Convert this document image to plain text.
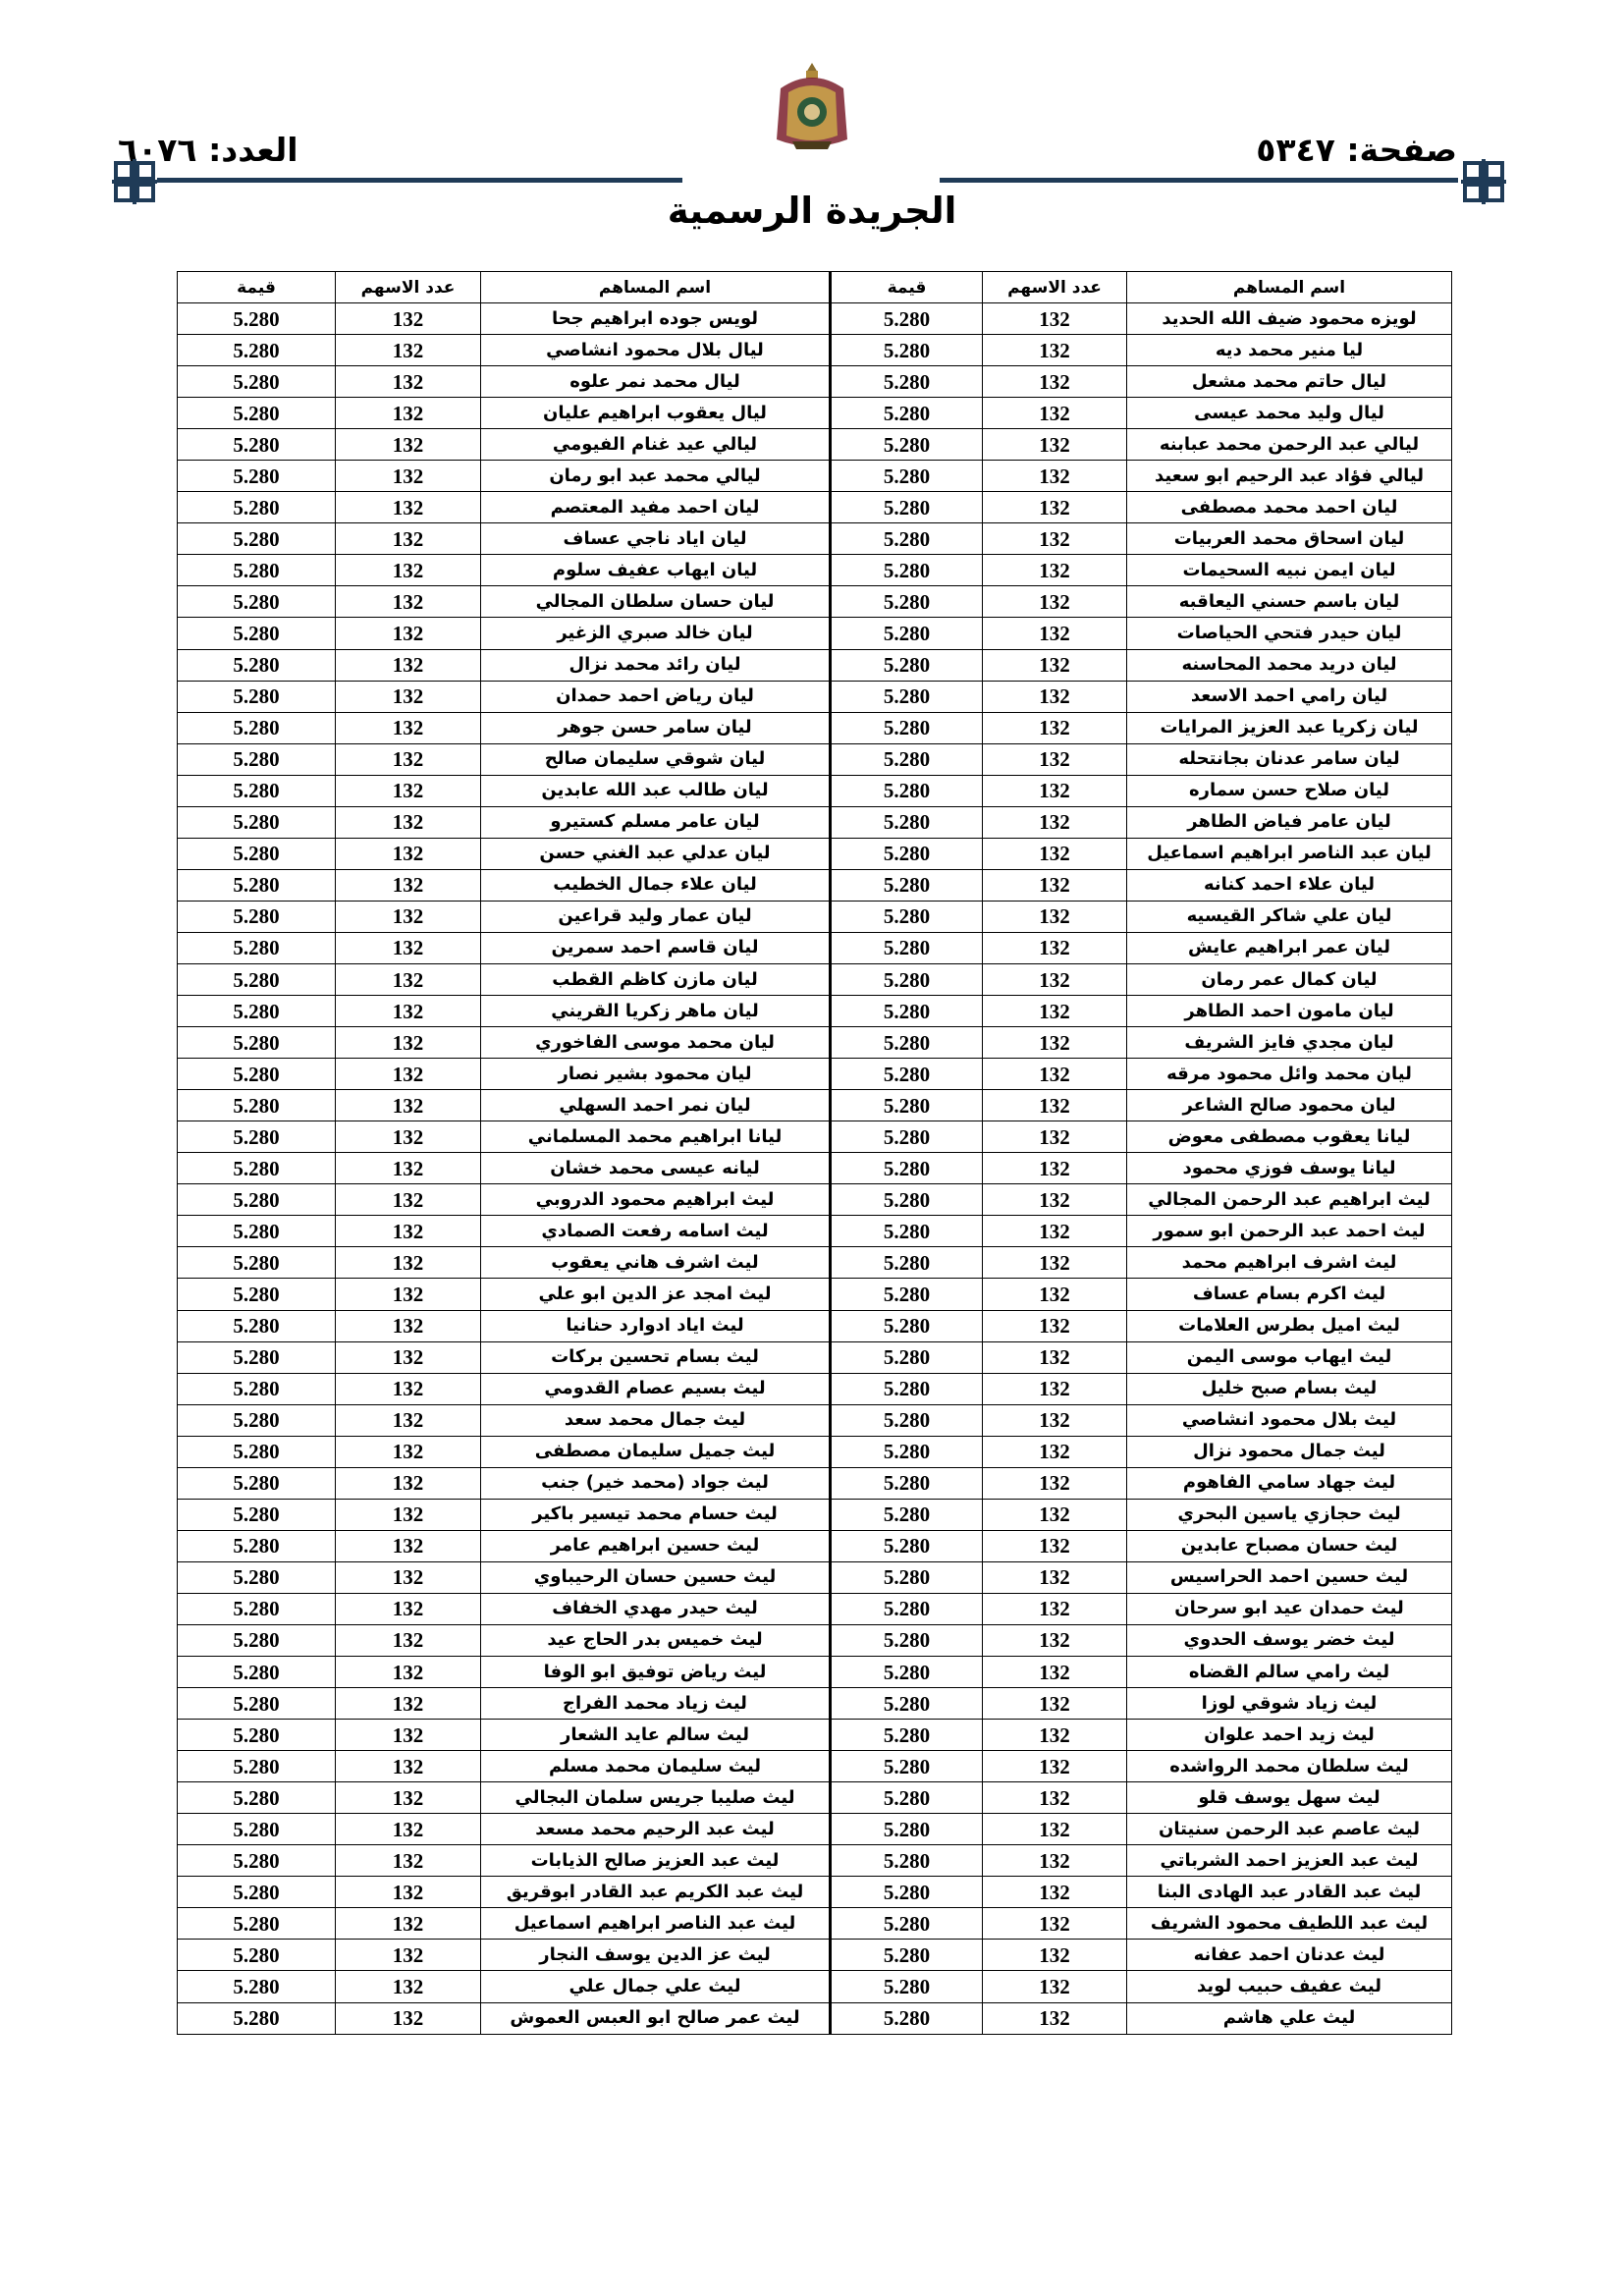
صفحة: ٥٣٤٧
العدد: ٦٠٧٦
الجريدة الرسمية
اسم المساهم	عدد الاسهم	قيمة	اسم المساهم	عدد الاسهم	قيمة
لويزه محمود ضيف الله الحديد	132	5.280	لويس جوده ابراهيم جحا	132	5.280
ليا منير محمد ديه	132	5.280	ليال بلال محمود انشاصي	132	5.280
ليال حاتم محمد مشعل	132	5.280	ليال محمد نمر علوه	132	5.280
ليال وليد محمد عيسى	132	5.280	ليال يعقوب ابراهيم عليان	132	5.280
ليالي عبد الرحمن محمد عبابنه	132	5.280	ليالي عيد غنام الفيومي	132	5.280
ليالي فؤاد عبد الرحيم ابو سعيد	132	5.280	ليالي محمد عبد ابو رمان	132	5.280
ليان احمد محمد مصطفى	132	5.280	ليان احمد مفيد المعتصم	132	5.280
ليان اسحاق محمد العربيات	132	5.280	ليان اياد ناجي عساف	132	5.280
ليان ايمن نبيه السحيمات	132	5.280	ليان ايهاب عفيف سلوم	132	5.280
ليان باسم حسني اليعاقبه	132	5.280	ليان حسان سلطان المجالي	132	5.280
ليان حيدر فتحي الحياصات	132	5.280	ليان خالد صبري الزغير	132	5.280
ليان دريد محمد المحاسنه	132	5.280	ليان رائد محمد نزال	132	5.280
ليان رامي احمد الاسعد	132	5.280	ليان رياض احمد حمدان	132	5.280
ليان زكريا عبد العزيز المرايات	132	5.280	ليان سامر حسن جوهر	132	5.280
ليان سامر عدنان بجانتحله	132	5.280	ليان شوقي سليمان صالح	132	5.280
ليان صلاح حسن سماره	132	5.280	ليان طالب عبد الله عابدين	132	5.280
ليان عامر فياض الطاهر	132	5.280	ليان عامر مسلم كستيرو	132	5.280
ليان عبد الناصر ابراهيم اسماعيل	132	5.280	ليان عدلي عبد الغني حسن	132	5.280
ليان علاء احمد كنانه	132	5.280	ليان علاء جمال الخطيب	132	5.280
ليان علي شاكر القيسيه	132	5.280	ليان عمار وليد قراعين	132	5.280
ليان عمر ابراهيم عايش	132	5.280	ليان قاسم احمد سمرين	132	5.280
ليان كمال عمر رمان	132	5.280	ليان مازن كاظم القطب	132	5.280
ليان مامون احمد الطاهر	132	5.280	ليان ماهر زكريا القريني	132	5.280
ليان مجدي فايز الشريف	132	5.280	ليان محمد موسى الفاخوري	132	5.280
ليان محمد وائل محمود مرقه	132	5.280	ليان محمود بشير نصار	132	5.280
ليان محمود صالح الشاعر	132	5.280	ليان نمر احمد السهلي	132	5.280
ليانا يعقوب مصطفى معوض	132	5.280	ليانا ابراهيم محمد المسلماني	132	5.280
ليانا يوسف فوزي محمود	132	5.280	ليانه عيسى محمد خشان	132	5.280
ليث ابراهيم عبد الرحمن المجالي	132	5.280	ليث ابراهيم محمود الدروبي	132	5.280
ليث احمد عبد الرحمن ابو سمور	132	5.280	ليث اسامه رفعت الصمادي	132	5.280
ليث اشرف ابراهيم محمد	132	5.280	ليث اشرف هاني يعقوب	132	5.280
ليث اكرم بسام عساف	132	5.280	ليث امجد عز الدين ابو علي	132	5.280
ليث اميل بطرس العلامات	132	5.280	ليث اياد ادوارد حنانيا	132	5.280
ليث ايهاب موسى اليمن	132	5.280	ليث بسام تحسين بركات	132	5.280
ليث بسام صبح خليل	132	5.280	ليث بسيم عصام القدومي	132	5.280
ليث بلال محمود انشاصي	132	5.280	ليث جمال محمد سعد	132	5.280
ليث جمال محمود نزال	132	5.280	ليث جميل سليمان مصطفى	132	5.280
ليث جهاد سامي الفاهوم	132	5.280	ليث جواد (محمد خير) جنب	132	5.280
ليث حجازي ياسين البحري	132	5.280	ليث حسام محمد تيسير باكير	132	5.280
ليث حسان مصباح عابدين	132	5.280	ليث حسين ابراهيم عامر	132	5.280
ليث حسين احمد الحراسيس	132	5.280	ليث حسين حسان الرحيباوي	132	5.280
ليث حمدان عيد ابو سرحان	132	5.280	ليث حيدر مهدي الخفاف	132	5.280
ليث خضر يوسف الحدوي	132	5.280	ليث خميس بدر الحاج عيد	132	5.280
ليث رامي سالم القضاه	132	5.280	ليث رياض توفيق ابو الوفا	132	5.280
ليث زياد شوقي لوزا	132	5.280	ليث زياد محمد الفراج	132	5.280
ليث زيد احمد علوان	132	5.280	ليث سالم عايد الشعار	132	5.280
ليث سلطان محمد الرواشده	132	5.280	ليث سليمان محمد مسلم	132	5.280
ليث سهل يوسف قلو	132	5.280	ليث صليبا جريس سلمان البجالي	132	5.280
ليث عاصم عبد الرحمن سنيتان	132	5.280	ليث عبد الرحيم محمد مسعد	132	5.280
ليث عبد العزيز احمد الشرباتي	132	5.280	ليث عبد العزيز صالح الذيابات	132	5.280
ليث عبد القادر عبد الهادى البنا	132	5.280	ليث عبد الكريم عبد القادر ابوقريق	132	5.280
ليث عبد اللطيف محمود الشريف	132	5.280	ليث عبد الناصر ابراهيم اسماعيل	132	5.280
ليث عدنان احمد عفانه	132	5.280	ليث عز الدين يوسف النجار	132	5.280
ليث عفيف حبيب لويد	132	5.280	ليث علي جمال علي	132	5.280
ليث علي هاشم	132	5.280	ليث عمر صالح ابو العبس العموش	132	5.280
